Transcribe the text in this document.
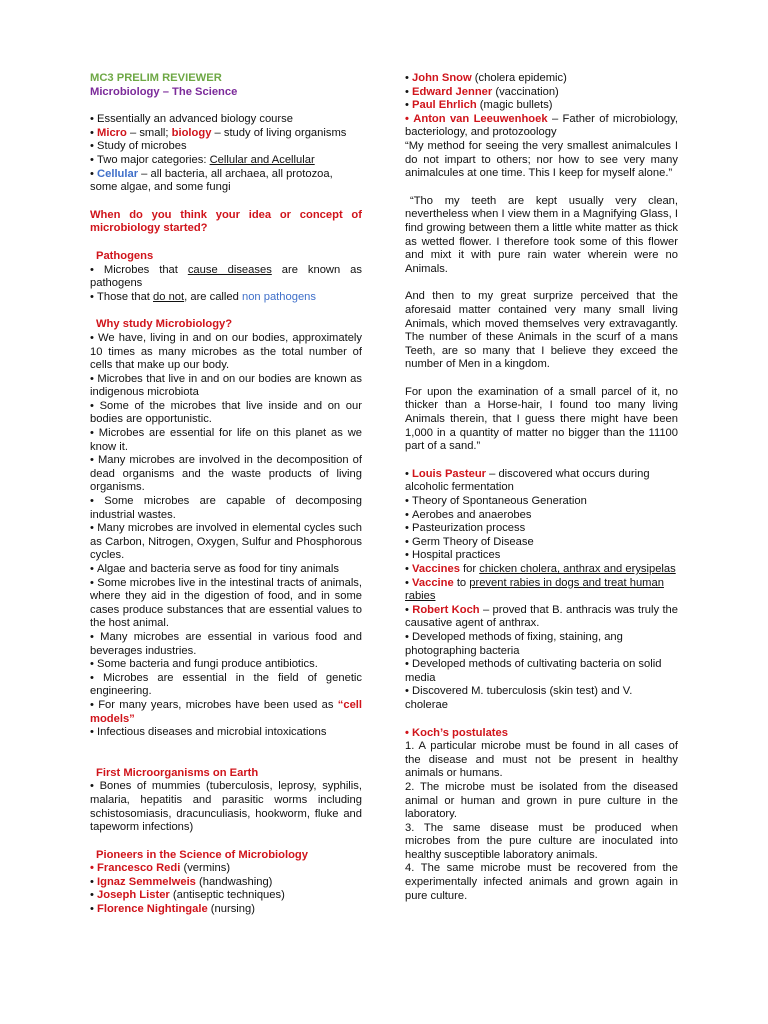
MC3 PRELIM REVIEWER

Microbiology – The Science

• Essentially an advanced biology course

• Micro – small; biology – study of living organisms

• Study of microbes

• Two major categories: Cellular and Acellular

• Cellular – all bacteria, all archaea, all protozoa, some algae, and some fungi

When do you think your idea or concept of microbiology started?

Pathogens

• Microbes that cause diseases are known as pathogens

• Those that do not, are called non pathogens

Why study Microbiology?

• We have, living in and on our bodies, approximately 10 times as many microbes as the total number of cells that make up our body.

• Microbes that live in and on our bodies are known as indigenous microbiota

• Some of the microbes that live inside and on our bodies are opportunistic.

• Microbes are essential for life on this planet as we know it.

• Many microbes are involved in the decomposition of dead organisms and the waste products of living organisms.

• Some microbes are capable of decomposing industrial wastes.

• Many microbes are involved in elemental cycles such as Carbon, Nitrogen, Oxygen, Sulfur and Phosphorous cycles.

• Algae and bacteria serve as food for tiny animals

• Some microbes live in the intestinal tracts of animals, where they aid in the digestion of food, and in some cases produce substances that are essential values to the host animal.

• Many microbes are essential in various food and beverages industries.

• Some bacteria and fungi produce antibiotics.

• Microbes are essential in the field of genetic engineering.

• For many years, microbes have been used as “cell models”

• Infectious diseases and microbial intoxications

First Microorganisms on Earth

• Bones of mummies (tuberculosis, leprosy, syphilis, malaria, hepatitis and parasitic worms including schistosomiasis, dracunculiasis, hookworm, fluke and tapeworm infections)

Pioneers in the Science of Microbiology

• Francesco Redi (vermins)

• Ignaz Semmelweis (handwashing)

• Joseph Lister (antiseptic techniques)

• Florence Nightingale (nursing)

• John Snow (cholera epidemic)

• Edward Jenner (vaccination)

• Paul Ehrlich (magic bullets)

• Anton van Leeuwenhoek – Father of microbiology, bacteriology, and protozoology

“My method for seeing the very smallest animalcules I do not impart to others; nor how to see very many animalcules at one time. This I keep for myself alone.”

“Tho my teeth are kept usually very clean, nevertheless when I view them in a Magnifying Glass, I find growing between them a little white matter as thick as wetted flower. I therefore took some of this flower and mixt it with pure rain water wherein were no Animals.

And then to my great surprize perceived that the aforesaid matter contained very many small living Animals, which moved themselves very extravagantly. The number of these Animals in the scurf of a mans Teeth, are so many that I believe they exceed the number of Men in a kingdom.

For upon the examination of a small parcel of it, no thicker than a Horse-hair, I found too many living Animals therein, that I guess there might have been 1,000 in a quantity of matter no bigger than the 11100 part of a sand.”

• Louis Pasteur – discovered what occurs during alcoholic fermentation

• Theory of Spontaneous Generation

• Aerobes and anaerobes

• Pasteurization process

• Germ Theory of Disease

• Hospital practices

• Vaccines for chicken cholera, anthrax and erysipelas

• Vaccine to prevent rabies in dogs and treat human rabies

• Robert Koch – proved that B. anthracis was truly the causative agent of anthrax.

• Developed methods of fixing, staining, ang photographing bacteria

• Developed methods of cultivating bacteria on solid media

• Discovered M. tuberculosis (skin test) and V. cholerae

• Koch’s postulates

1. A particular microbe must be found in all cases of the disease and must not be present in healthy animals or humans.

2. The microbe must be isolated from the diseased animal or human and grown in pure culture in the laboratory.

3. The same disease must be produced when microbes from the pure culture are inoculated into healthy susceptible laboratory animals.

4. The same microbe must be recovered from the experimentally infected animals and grown again in pure culture.
